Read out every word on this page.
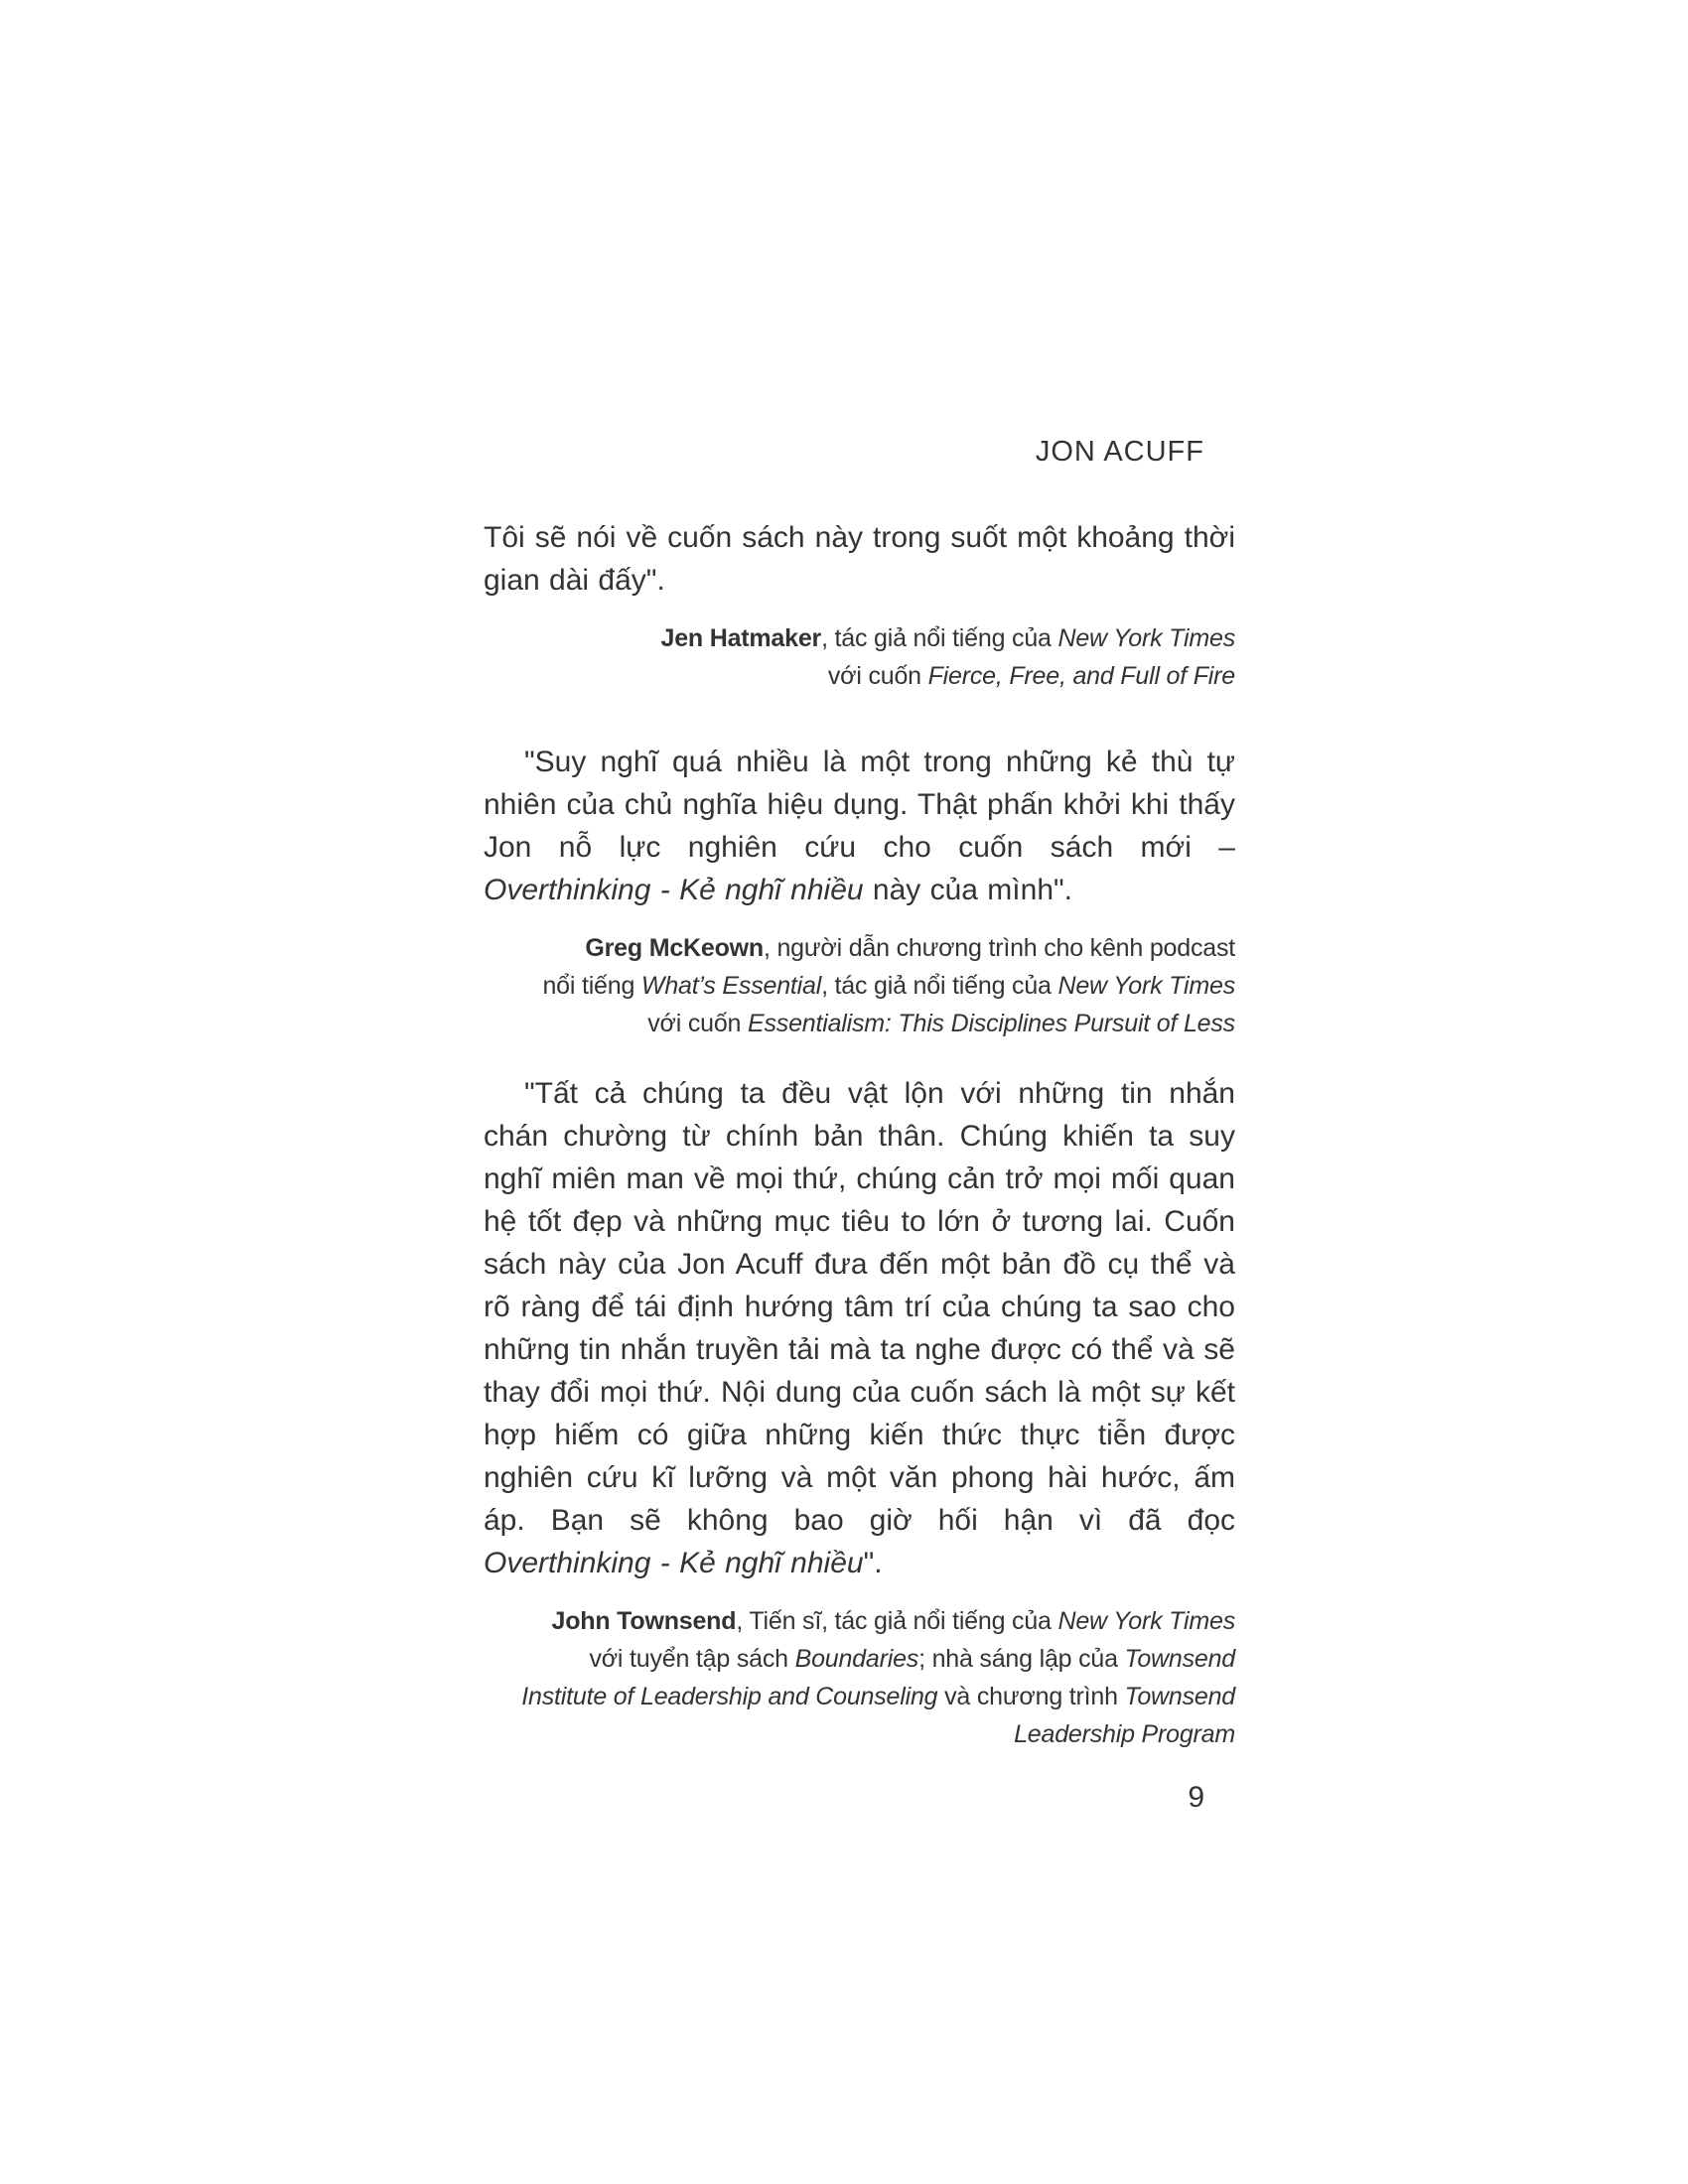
JON ACUFF

Tôi sẽ nói về cuốn sách này trong suốt một khoảng thời gian dài đấy".

Jen Hatmaker, tác giả nổi tiếng của New York Times
với cuốn Fierce, Free, and Full of Fire

"Suy nghĩ quá nhiều là một trong những kẻ thù tự nhiên của chủ nghĩa hiệu dụng. Thật phấn khởi khi thấy Jon nỗ lực nghiên cứu cho cuốn sách mới – Overthinking - Kẻ nghĩ nhiều này của mình".

Greg McKeown, người dẫn chương trình cho kênh podcast
nổi tiếng What’s Essential, tác giả nổi tiếng của New York Times
với cuốn Essentialism: This Disciplines Pursuit of Less

"Tất cả chúng ta đều vật lộn với những tin nhắn chán chường từ chính bản thân. Chúng khiến ta suy nghĩ miên man về mọi thứ, chúng cản trở mọi mối quan hệ tốt đẹp và những mục tiêu to lớn ở tương lai. Cuốn sách này của Jon Acuff đưa đến một bản đồ cụ thể và rõ ràng để tái định hướng tâm trí của chúng ta sao cho những tin nhắn truyền tải mà ta nghe được có thể và sẽ thay đổi mọi thứ. Nội dung của cuốn sách là một sự kết hợp hiếm có giữa những kiến thức thực tiễn được nghiên cứu kĩ lưỡng và một văn phong hài hước, ấm áp. Bạn sẽ không bao giờ hối hận vì đã đọc Overthinking - Kẻ nghĩ nhiều".

John Townsend, Tiến sĩ, tác giả nổi tiếng của New York Times
với tuyển tập sách Boundaries; nhà sáng lập của Townsend
Institute of Leadership and Counseling và chương trình Townsend
Leadership Program

9
